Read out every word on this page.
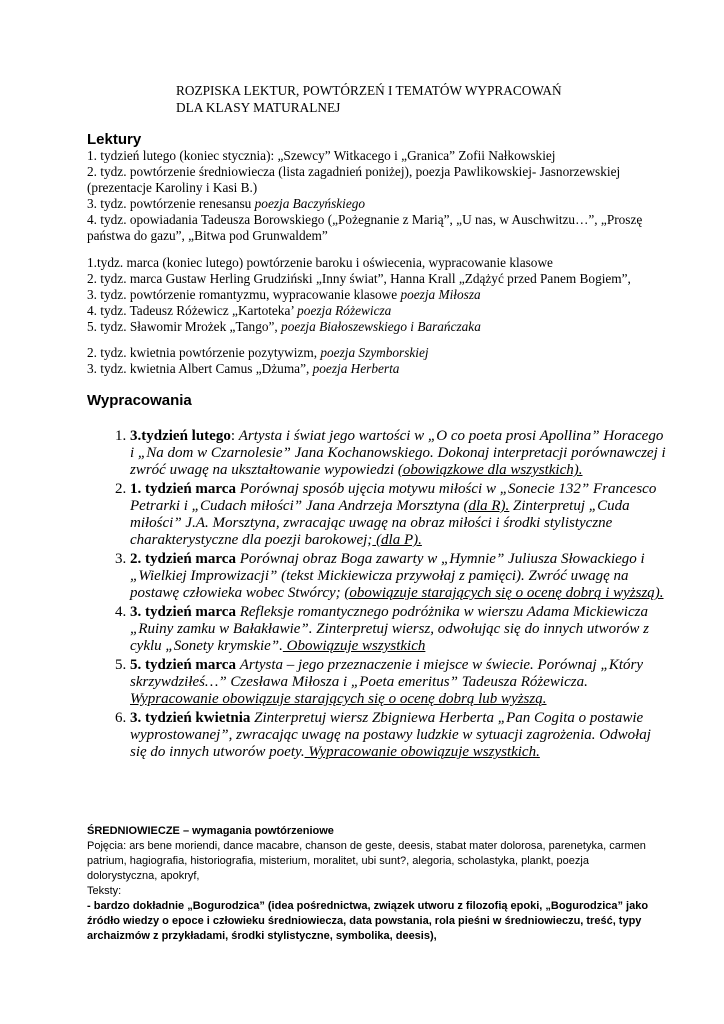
ROZPISKA LEKTUR, POWTÓRZEŃ I TEMATÓW WYPRACOWAŃ
DLA KLASY MATURALNEJ
Lektury
1. tydzień lutego (koniec stycznia): „Szewcy” Witkacego i „Granica” Zofii Nałkowskiej
2. tydz. powtórzenie średniowiecza (lista zagadnień poniżej), poezja Pawlikowskiej- Jasnorzewskiej (prezentacje Karoliny i Kasi B.)
3. tydz. powtórzenie renesansu poezja Baczyńskiego
4. tydz. opowiadania Tadeusza Borowskiego („Pożegnanie z Marią”, „U nas, w Auschwitzu…”, „Proszę państwa do gazu”, „Bitwa pod Grunwaldem”
1.tydz. marca (koniec lutego) powtórzenie baroku i oświecenia, wypracowanie klasowe
2. tydz. marca Gustaw Herling Grudziński „Inny świat”, Hanna Krall „Zdążyć przed Panem Bogiem”,
3. tydz. powtórzenie romantyzmu, wypracowanie klasowe poezja Miłosza
4. tydz. Tadeusz Różewicz „Kartoteka’ poezja Różewicza
5. tydz. Sławomir Mrożek „Tango”, poezja Białoszewskiego i Barańczaka
2. tydz. kwietnia powtórzenie pozytywizm, poezja Szymborskiej
3. tydz. kwietnia Albert Camus „Dżuma”, poezja Herberta
Wypracowania
1. 3.tydzień lutego: Artysta i świat jego wartości w „O co poeta prosi Apollina” Horacego i „Na dom w Czarnolesie” Jana Kochanowskiego. Dokonaj interpretacji porównawczej i zwróć uwagę na ukształtowanie wypowiedzi (obowiązkowe dla wszystkich).
2. 1. tydzień marca Porównaj sposób ujęcia motywu miłości w „Sonecie 132” Francesco Petrarki i „Cudach miłości” Jana Andrzeja Morsztyna (dla R). Zinterpretuj „Cuda miłości” J.A. Morsztyna, zwracając uwagę na obraz miłości i środki stylistyczne charakterystyczne dla poezji barokowej; (dla P).
3. 2. tydzień marca Porównaj obraz Boga zawarty w „Hymnie” Juliusza Słowackiego i „Wielkiej Improwizacji” (tekst Mickiewicza przywołaj z pamięci). Zwróć uwagę na postawę człowieka wobec Stwórcy; (obowiązuje starających się o ocenę dobrą i wyższą).
4. 3. tydzień marca Refleksje romantycznego podróżnika w wierszu Adama Mickiewicza „Ruiny zamku w Bałakławie”. Zinterpretuj wiersz, odwołując się do innych utworów z cyklu „Sonety krymskie”. Obowiązuje wszystkich
5. 5. tydzień marca Artysta – jego przeznaczenie i miejsce w świecie. Porównaj „Który skrzywdziłeś…” Czesława Miłosza i „Poeta emeritus” Tadeusza Różewicza. Wypracowanie obowiązuje starających się o ocenę dobrą lub wyższą.
6. 3. tydzień kwietnia Zinterpretuj wiersz Zbigniewa Herberta „Pan Cogita o postawie wyprostowanej”, zwracając uwagę na postawy ludzkie w sytuacji zagrożenia. Odwołaj się do innych utworów poety. Wypracowanie obowiązuje wszystkich.
ŚREDNIOWIECZE – wymagania powtórzeniowe
Pojęcia: ars bene moriendi, dance macabre, chanson de geste, deesis, stabat mater dolorosa, parenetyka, carmen patrium, hagiografia, historiografia, misterium, moralitet, ubi sunt?, alegoria, scholastyka, plankt, poezja dolorystyczna, apokryf,
Teksty:
- bardzo dokładnie „Bogurodzica” (idea pośrednictwa, związek utworu z filozofią epoki, „Bogurodzica” jako źródło wiedzy o epoce i człowieku średniowiecza, data powstania, rola pieśni w średniowieczu, treść, typy archaizmów z przykładami, środki stylistyczne, symbolika, deesis),
